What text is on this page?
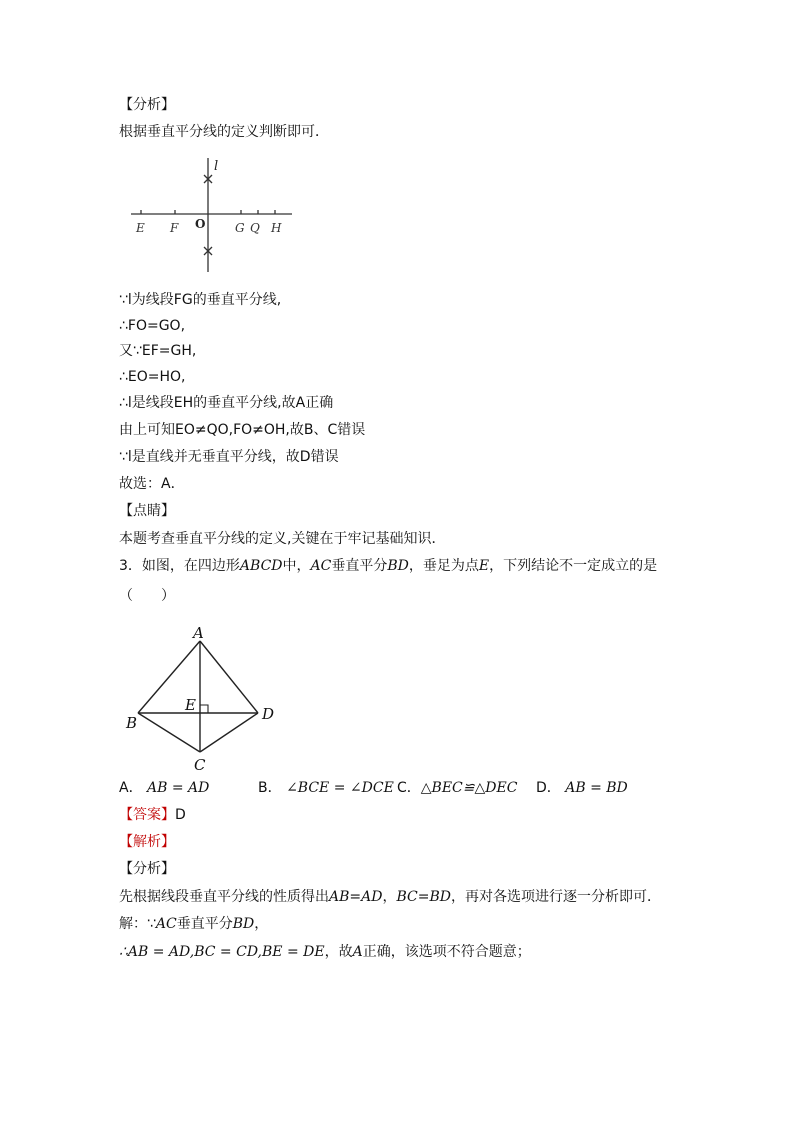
【分析】
根据垂直平分线的定义判断即可．
l
O
E F	G Q H
∵l为线段FG的垂直平分线,
∴FO=GO,
又∵EF=GH,
∴EO=HO,
∴l是线段EH的垂直平分线,故A正确
由上可知EO≠QO,FO≠OH,故B、C错误
∵l是直线并无垂直平分线，故D错误
故选：A．
【点睛】
本题考查垂直平分线的定义,关键在于牢记基础知识．
3．如图，在四边形ABCD中，AC垂直平分BD，垂足为点E，下列结论不一定成立的是
（　　）
A
B
C
D
E
A． AB = AD	B． ∠BCE = ∠DCE C．△BEC≌△DEC D． AB = BD
【答案】D
【解析】
【分析】
先根据线段垂直平分线的性质得出AB=AD，BC=BD，再对各选项进行逐一分析即可．
解：∵AC垂直平分BD，
∴AB = AD,BC = CD,BE = DE，故A正确，该选项不符合题意；
